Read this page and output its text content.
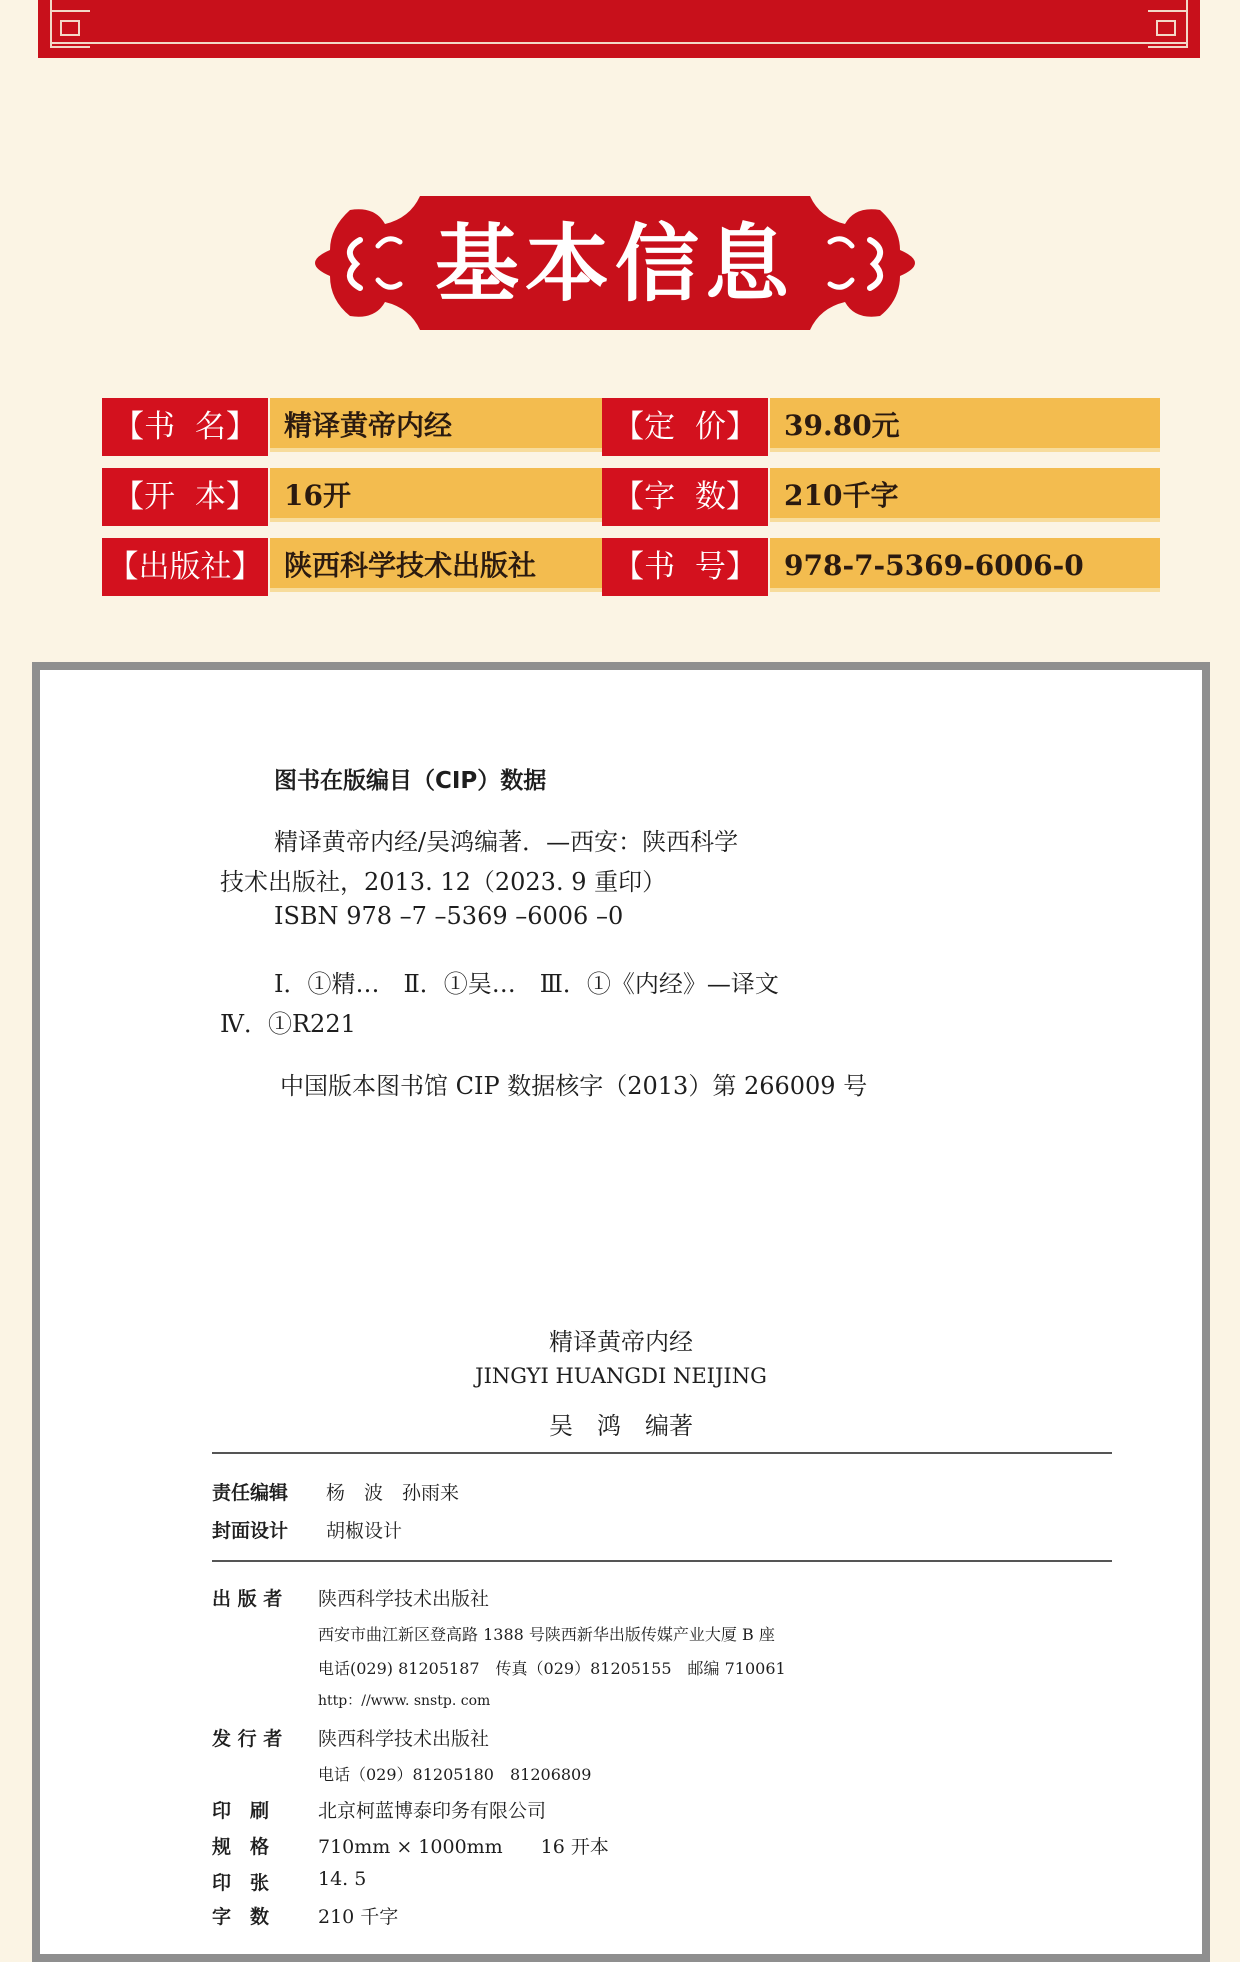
基本信息
【书  名】 精译黄帝内经	【定  价】 39.80元
【开  本】 16开	【字  数】 210千字
【出版社】 陕西科学技术出版社	【书  号】 978-7-5369-6006-0
图书在版编目（CIP）数据
精译黄帝内经/吴鸿编著．—西安：陕西科学
技术出版社，2013. 12（2023. 9 重印）
ISBN 978 –7 –5369 –6006 –0
Ⅰ．①精…　Ⅱ．①吴…　Ⅲ．①《内经》—译文
Ⅳ．①R221
中国版本图书馆 CIP 数据核字（2013）第 266009 号
精译黄帝内经
JINGYI HUANGDI NEIJING
吴　鸿　编著
责任编辑 杨　波　孙雨来
封面设计 胡椒设计
出 版 者 陕西科学技术出版社
西安市曲江新区登高路 1388 号陕西新华出版传媒产业大厦 B 座
电话(029) 81205187　传真（029）81205155　邮编 710061
http：//www. snstp. com
发 行 者 陕西科学技术出版社
电话（029）81205180　81206809
印　刷	北京柯蓝博泰印务有限公司
规　格	710mm × 1000mm　　16 开本
印　张	14. 5
字　数	210 千字
